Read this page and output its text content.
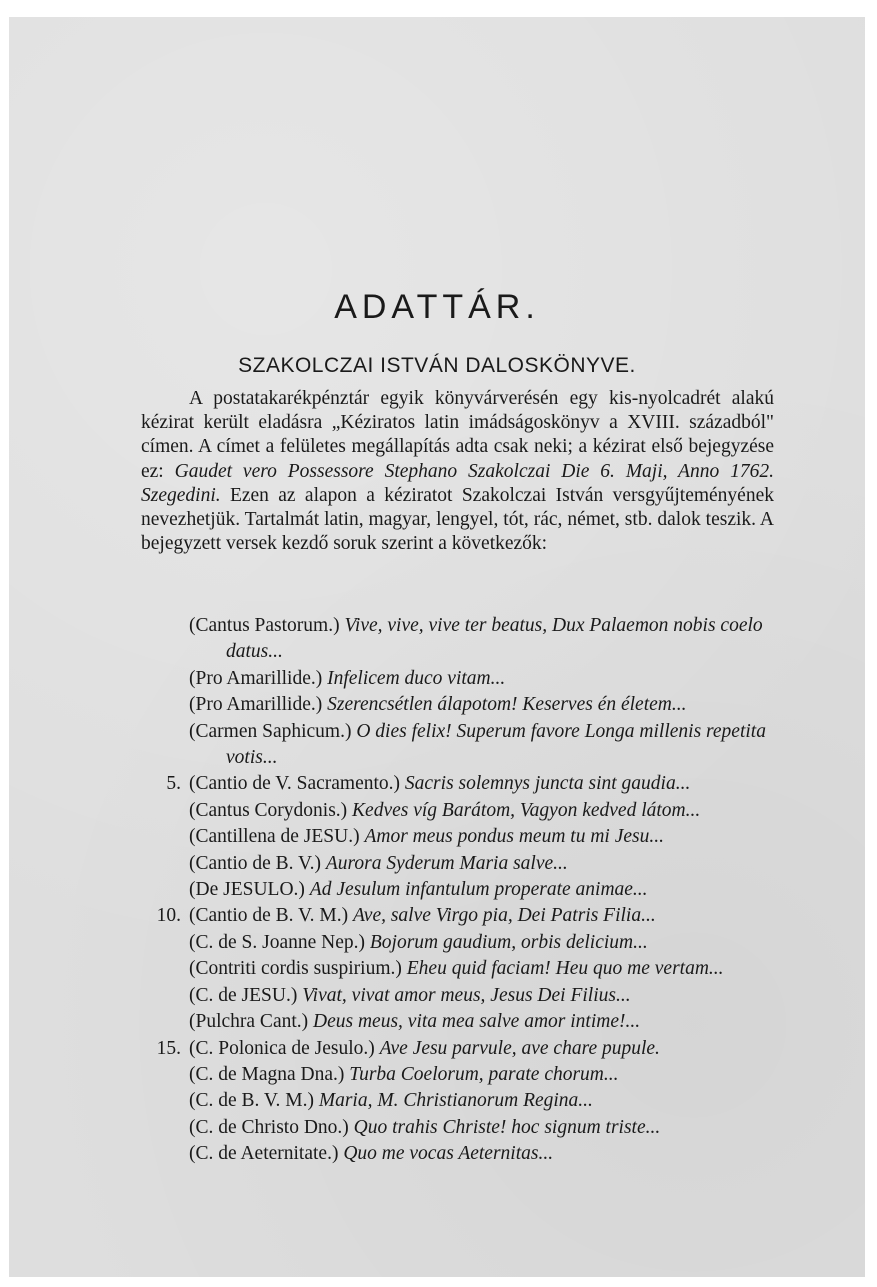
ADATTÁR.
SZAKOLCZAI ISTVÁN DALOSKÖNYVE.

A postatakarékpénztár egyik könyvárverésén egy kis-nyolcadrét alakú kézirat került eladásra „Kéziratos latin imádságoskönyv a XVIII. századból" címen. A címet a felületes megállapítás adta csak neki; a kézirat első bejegyzése ez: Gaudet vero Possessore Stephano Szakolczai Die 6. Maji, Anno 1762. Szegedini. Ezen az alapon a kéziratot Szakolczai István versgyűjteményének nevezhetjük. Tartalmát latin, magyar, lengyel, tót, rác, német, stb. dalok teszik. A bejegyzett versek kezdő soruk szerint a következők:

(Cantus Pastorum.) Vive, vive, vive ter beatus, Dux Palaemon nobis coelo datus...
(Pro Amarillide.) Infelicem duco vitam...
(Pro Amarillide.) Szerencsétlen álapotom! Keserves én életem...
(Carmen Saphicum.) O dies felix! Superum favore Longa millenis repetita votis...
5. (Cantio de V. Sacramento.) Sacris solemnys juncta sint gaudia...
(Cantus Corydonis.) Kedves víg Barátom, Vagyon kedved látom...
(Cantillena de JESU.) Amor meus pondus meum tu mi Jesu...
(Cantio de B. V.) Aurora Syderum Maria salve...
(De JESULO.) Ad Jesulum infantulum properate animae...
10. (Cantio de B. V. M.) Ave, salve Virgo pia, Dei Patris Filia...
(C. de S. Joanne Nep.) Bojorum gaudium, orbis delicium...
(Contriti cordis suspirium.) Eheu quid faciam! Heu quo me vertam...
(C. de JESU.) Vivat, vivat amor meus, Jesus Dei Filius...
(Pulchra Cant.) Deus meus, vita mea salve amor intime!...
15. (C. Polonica de Jesulo.) Ave Jesu parvule, ave chare pupule.
(C. de Magna Dna.) Turba Coelorum, parate chorum...
(C. de B. V. M.) Maria, M. Christianorum Regina...
(C. de Christo Dno.) Quo trahis Christe! hoc signum triste...
(C. de Aeternitate.) Quo me vocas Aeternitas...
